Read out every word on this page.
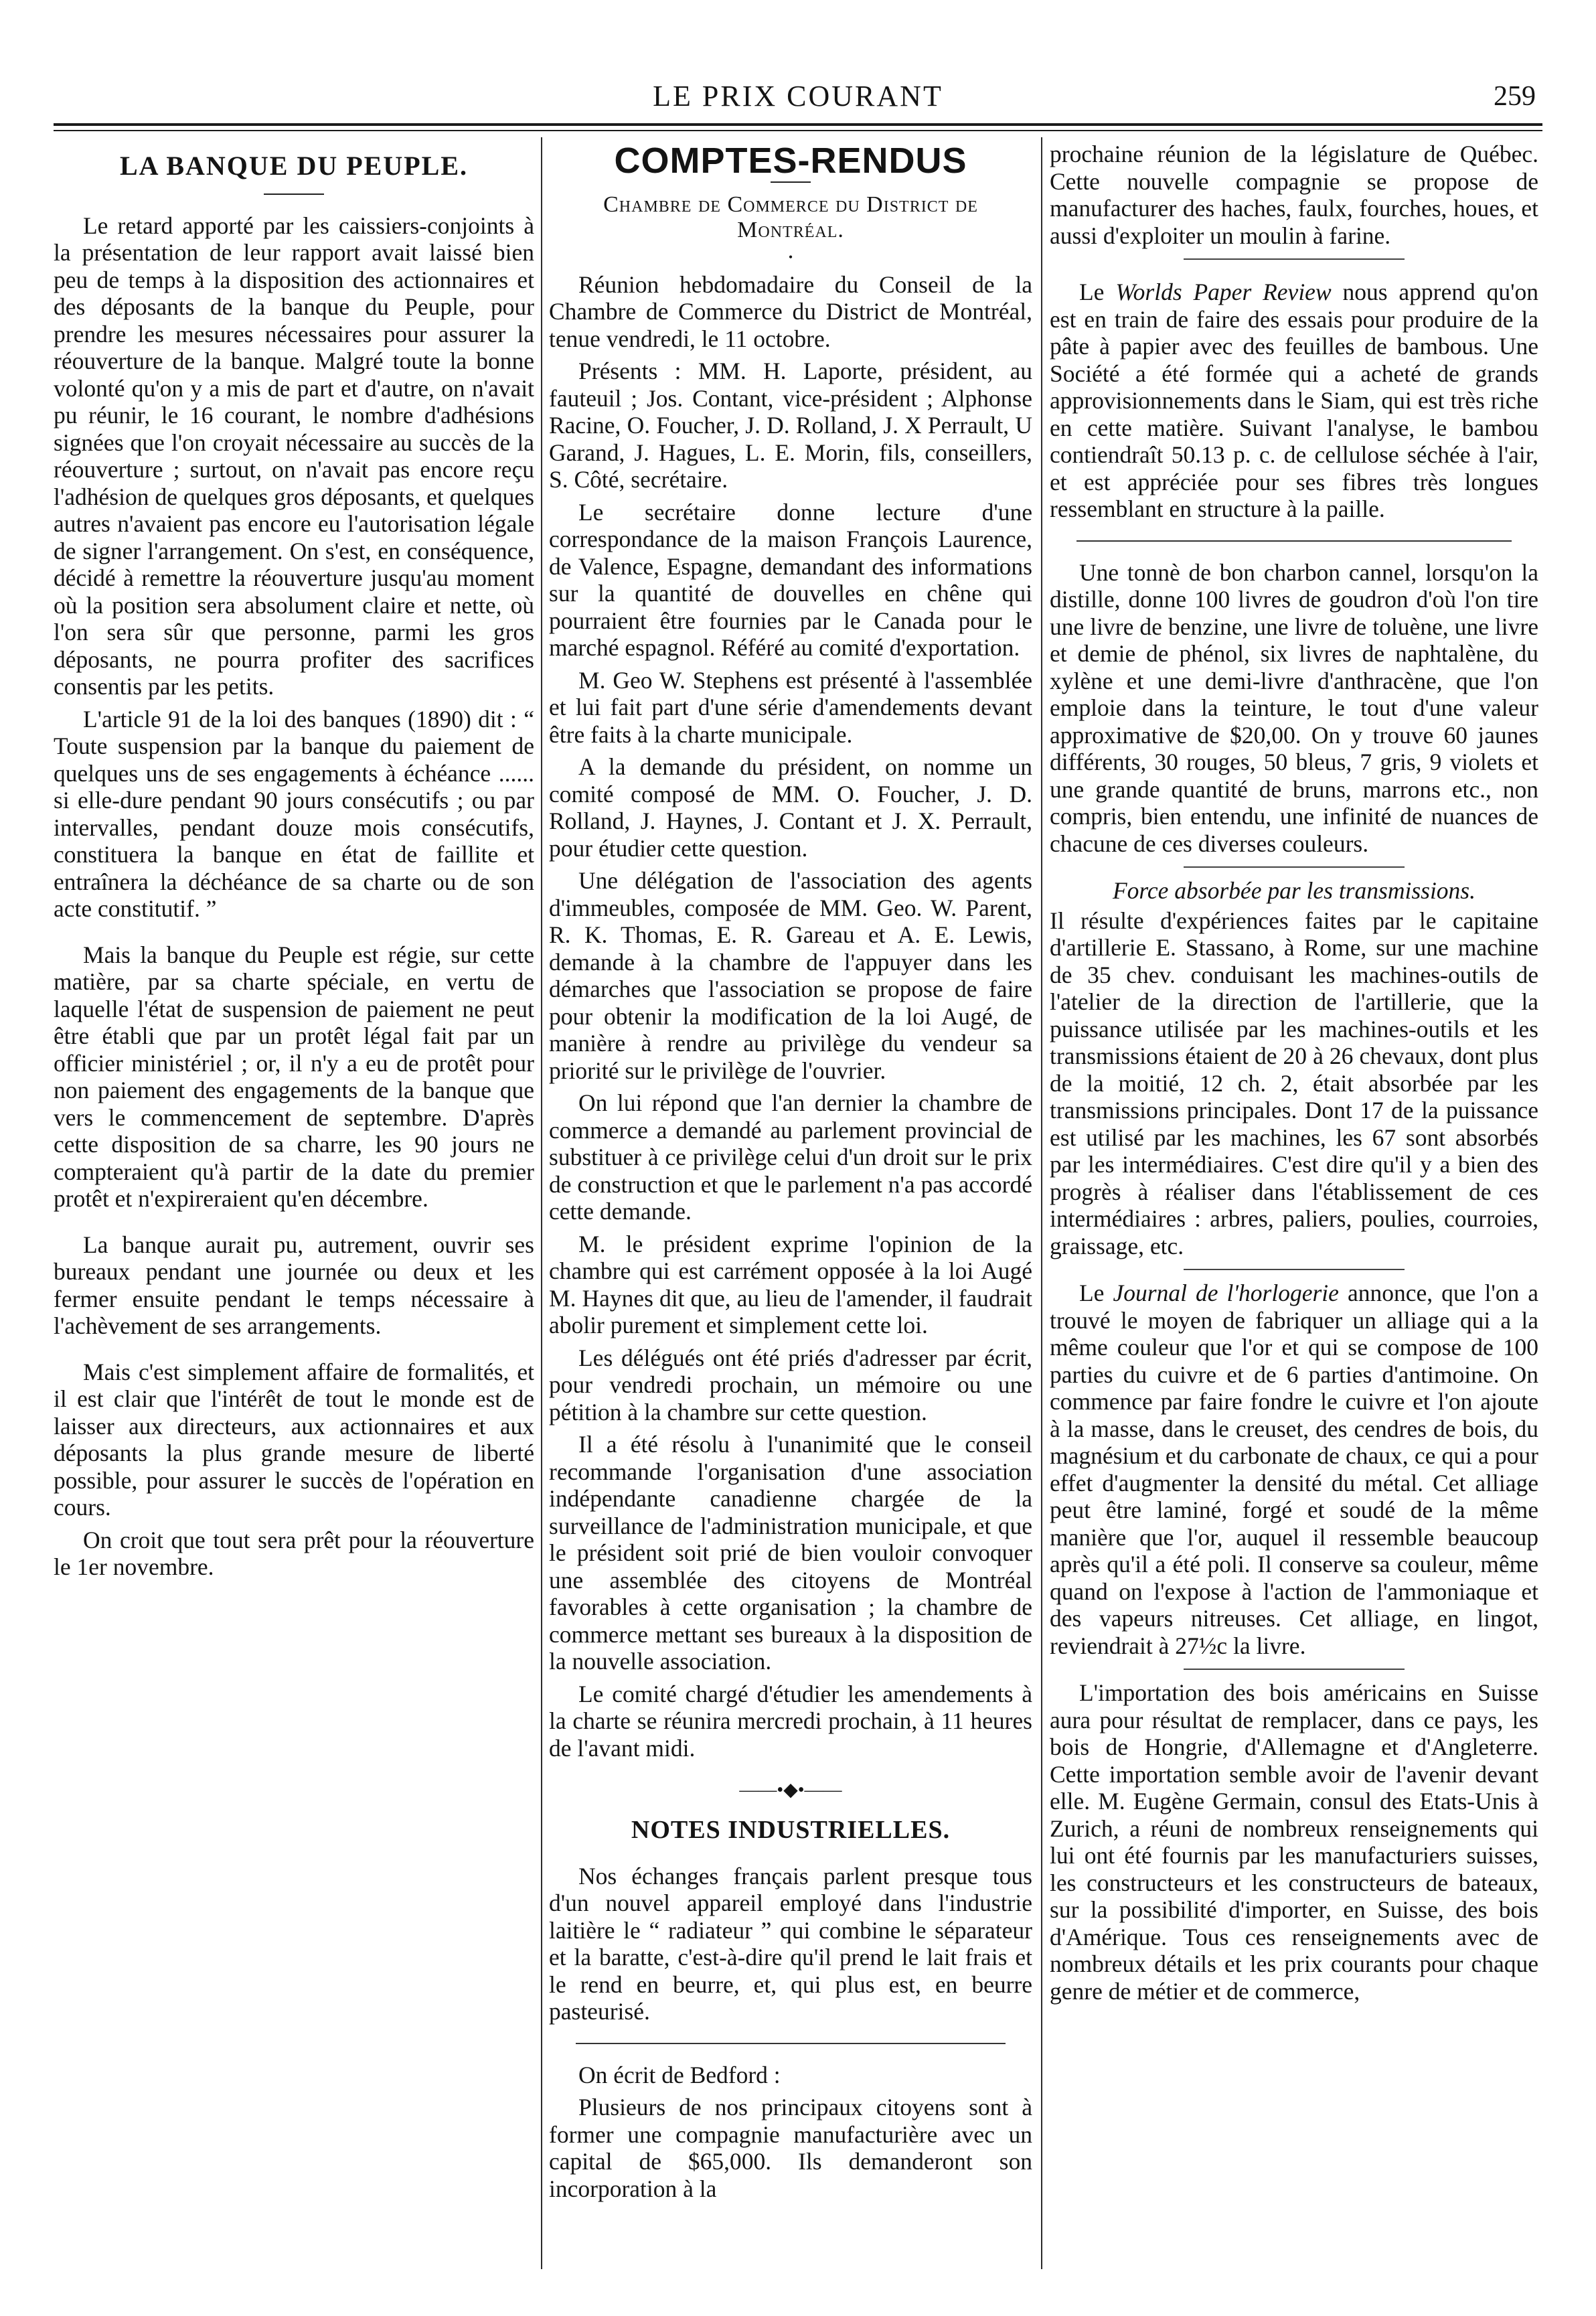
LE PRIX COURANT	259
LA BANQUE DU PEUPLE.

Le retard apporté par les caissiers-conjoints à la présentation de leur rapport avait laissé bien peu de temps à la disposition des actionnaires et des déposants de la banque du Peuple, pour prendre les mesures nécessaires pour assurer la réouverture de la banque. Malgré toute la bonne volonté qu'on y a mis de part et d'autre, on n'avait pu réunir, le 16 courant, le nombre d'adhésions signées que l'on croyait nécessaire au succès de la réouverture ; surtout, on n'avait pas encore reçu l'adhésion de quelques gros déposants, et quelques autres n'avaient pas encore eu l'autorisation légale de signer l'arrangement. On s'est, en conséquence, décidé à remettre la réouverture jusqu'au moment où la position sera absolument claire et nette, où l'on sera sûr que personne, parmi les gros déposants, ne pourra profiter des sacrifices consentis par les petits.

L'article 91 de la loi des banques (1890) dit : “ Toute suspension par la banque du paiement de quelques uns de ses engagements à échéance ...... si elle-dure pendant 90 jours consécutifs ; ou par intervalles, pendant douze mois consécutifs, constituera la banque en état de faillite et entraînera la déchéance de sa charte ou de son acte constitutif. ”

Mais la banque du Peuple est régie, sur cette matière, par sa charte spéciale, en vertu de laquelle l'état de suspension de paiement ne peut être établi que par un protêt légal fait par un officier ministériel ; or, il n'y a eu de protêt pour non paiement des engagements de la banque que vers le commencement de septembre. D'après cette disposition de sa charre, les 90 jours ne compteraient qu'à partir de la date du premier protêt et n'expireraient qu'en décembre.

La banque aurait pu, autrement, ouvrir ses bureaux pendant une journée ou deux et les fermer ensuite pendant le temps nécessaire à l'achèvement de ses arrangements.

Mais c'est simplement affaire de formalités, et il est clair que l'intérêt de tout le monde est de laisser aux directeurs, aux actionnaires et aux déposants la plus grande mesure de liberté possible, pour assurer le succès de l'opération en cours.

On croit que tout sera prêt pour la réouverture le 1er novembre.

COMPTES-RENDUS
Chambre de Commerce du District de Montréal.
•

Réunion hebdomadaire du Conseil de la Chambre de Commerce du District de Montréal, tenue vendredi, le 11 octobre.

Présents : MM. H. Laporte, président, au fauteuil ; Jos. Contant, vice-président ; Alphonse Racine, O. Foucher, J. D. Rolland, J. X Perrault, U Garand, J. Hagues, L. E. Morin, fils, conseillers, S. Côté, secrétaire.

Le secrétaire donne lecture d'une correspondance de la maison François Laurence, de Valence, Espagne, demandant des informations sur la quantité de douvelles en chêne qui pourraient être fournies par le Canada pour le marché espagnol. Référé au comité d'exportation.

M. Geo W. Stephens est présenté à l'assemblée et lui fait part d'une série d'amendements devant être faits à la charte municipale.

A la demande du président, on nomme un comité composé de MM. O. Foucher, J. D. Rolland, J. Haynes, J. Contant et J. X. Perrault, pour étudier cette question.

Une délégation de l'association des agents d'immeubles, composée de MM. Geo. W. Parent, R. K. Thomas, E. R. Gareau et A. E. Lewis, demande à la chambre de l'appuyer dans les démarches que l'association se propose de faire pour obtenir la modification de la loi Augé, de manière à rendre au privilège du vendeur sa priorité sur le privilège de l'ouvrier.

On lui répond que l'an dernier la chambre de commerce a demandé au parlement provincial de substituer à ce privilège celui d'un droit sur le prix de construction et que le parlement n'a pas accordé cette demande.

M. le président exprime l'opinion de la chambre qui est carrément opposée à la loi Augé M. Haynes dit que, au lieu de l'amender, il faudrait abolir purement et simplement cette loi.

Les délégués ont été priés d'adresser par écrit, pour vendredi prochain, un mémoire ou une pétition à la chambre sur cette question.

Il a été résolu à l'unanimité que le conseil recommande l'organisation d'une association indépendante canadienne chargée de la surveillance de l'administration municipale, et que le président soit prié de bien vouloir convoquer une assemblée des citoyens de Montréal favorables à cette organisation ; la chambre de commerce mettant ses bureaux à la disposition de la nouvelle association.

Le comité chargé d'étudier les amendements à la charte se réunira mercredi prochain, à 11 heures de l'avant midi.

——•◆•——
NOTES INDUSTRIELLES.

Nos échanges français parlent presque tous d'un nouvel appareil employé dans l'industrie laitière le “ radiateur ” qui combine le séparateur et la baratte, c'est-à-dire qu'il prend le lait frais et le rend en beurre, et, qui plus est, en beurre pasteurisé.

On écrit de Bedford :

Plusieurs de nos principaux citoyens sont à former une compagnie manufacturière avec un capital de $65,000. Ils demanderont son incorporation à la

prochaine réunion de la législature de Québec. Cette nouvelle compagnie se propose de manufacturer des haches, faulx, fourches, houes, et aussi d'exploiter un moulin à farine.

Le Worlds Paper Review nous apprend qu'on est en train de faire des essais pour produire de la pâte à papier avec des feuilles de bambous. Une Société a été formée qui a acheté de grands approvisionnements dans le Siam, qui est très riche en cette matière. Suivant l'analyse, le bambou contiendraît 50.13 p. c. de cellulose séchée à l'air, et est appréciée pour ses fibres très longues ressemblant en structure à la paille.

Une tonnè de bon charbon cannel, lorsqu'on la distille, donne 100 livres de goudron d'où l'on tire une livre de benzine, une livre de toluène, une livre et demie de phénol, six livres de naphtalène, du xylène et une demi-livre d'anthracène, que l'on emploie dans la teinture, le tout d'une valeur approximative de $20,00. On y trouve 60 jaunes différents, 30 rouges, 50 bleus, 7 gris, 9 violets et une grande quantité de bruns, marrons etc., non compris, bien entendu, une infinité de nuances de chacune de ces diverses couleurs.

Force absorbée par les transmissions.

Il résulte d'expériences faites par le capitaine d'artillerie E. Stassano, à Rome, sur une machine de 35 chev. conduisant les machines-outils de l'atelier de la direction de l'artillerie, que la puissance utilisée par les machines-outils et les transmissions étaient de 20 à 26 chevaux, dont plus de la moitié, 12 ch. 2, était absorbée par les transmissions principales. Dont 17 de la puissance est utilisé par les machines, les 67 sont absorbés par les intermédiaires. C'est dire qu'il y a bien des progrès à réaliser dans l'établissement de ces intermédiaires : arbres, paliers, poulies, courroies, graissage, etc.

Le Journal de l'horlogerie annonce, que l'on a trouvé le moyen de fabriquer un alliage qui a la même couleur que l'or et qui se compose de 100 parties du cuivre et de 6 parties d'antimoine. On commence par faire fondre le cuivre et l'on ajoute à la masse, dans le creuset, des cendres de bois, du magnésium et du carbonate de chaux, ce qui a pour effet d'augmenter la densité du métal. Cet alliage peut être laminé, forgé et soudé de la même manière que l'or, auquel il ressemble beaucoup après qu'il a été poli. Il conserve sa couleur, même quand on l'expose à l'action de l'ammoniaque et des vapeurs nitreuses. Cet alliage, en lingot, reviendrait à 27½c la livre.

L'importation des bois américains en Suisse aura pour résultat de remplacer, dans ce pays, les bois de Hongrie, d'Allemagne et d'Angleterre. Cette importation semble avoir de l'avenir devant elle. M. Eugène Germain, consul des Etats-Unis à Zurich, a réuni de nombreux renseignements qui lui ont été fournis par les manufacturiers suisses, les constructeurs et les constructeurs de bateaux, sur la possibilité d'importer, en Suisse, des bois d'Amérique. Tous ces renseignements avec de nombreux détails et les prix courants pour chaque genre de métier et de commerce,
